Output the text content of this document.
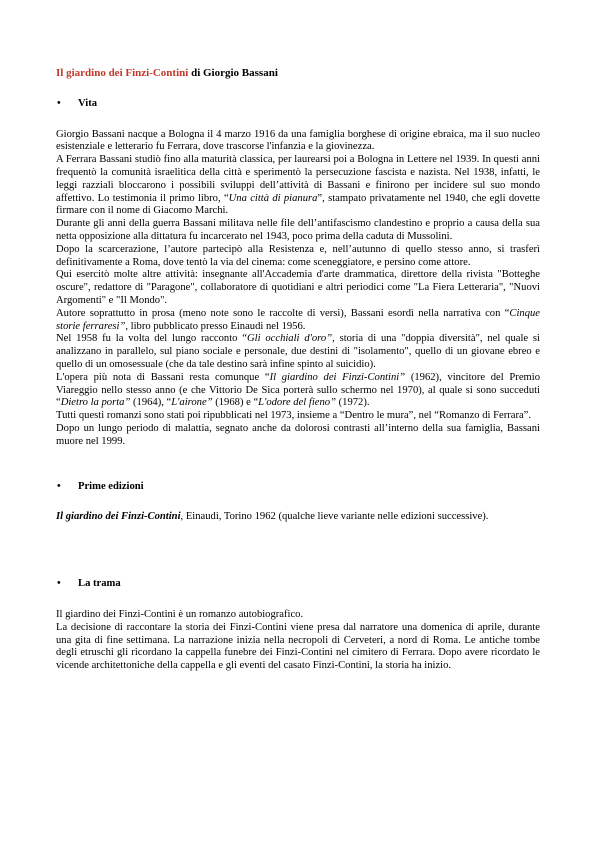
Il giardino dei Finzi-Contini di Giorgio Bassani
• Vita

Giorgio Bassani nacque a Bologna il 4 marzo 1916 da una famiglia borghese di origine ebraica, ma il suo nucleo esistenziale e letterario fu Ferrara, dove trascorse l'infanzia e la giovinezza.

A Ferrara Bassani studiò fino alla maturità classica, per laurearsi poi a Bologna in Lettere nel 1939. In questi anni frequentò la comunità israelitica della città e sperimentò la persecuzione fascista e nazista. Nel 1938, infatti, le leggi razziali bloccarono i possibili sviluppi dell’attività di Bassani e finirono per incidere sul suo mondo affettivo. Lo testimonia il primo libro, “Una città di pianura”, stampato privatamente nel 1940, che egli dovette firmare con il nome di Giacomo Marchi.

Durante gli anni della guerra Bassani militava nelle file dell’antifascismo clandestino e proprio a causa della sua netta opposizione alla dittatura fu incarcerato nel 1943, poco prima della caduta di Mussolini.

Dopo la scarcerazione, l’autore partecipò alla Resistenza e, nell’autunno di quello stesso anno, si trasferì definitivamente a Roma, dove tentò la via del cinema: come sceneggiatore, e persino come attore.

Qui esercitò molte altre attività: insegnante all'Accademia d'arte drammatica, direttore della rivista "Botteghe oscure", redattore di "Paragone", collaboratore di quotidiani e altri periodici come "La Fiera Letteraria", "Nuovi Argomenti" e "Il Mondo".

Autore soprattutto in prosa (meno note sono le raccolte di versi), Bassani esordì nella narrativa con “Cinque storie ferraresi”, libro pubblicato presso Einaudi nel 1956.

Nel 1958 fu la volta del lungo racconto “Gli occhiali d'oro”, storia di una "doppia diversità", nel quale si analizzano in parallelo, sul piano sociale e personale, due destini di "isolamento", quello di un giovane ebreo e quello di un omosessuale (che da tale destino sarà infine spinto al suicidio).

L'opera più nota di Bassani resta comunque “Il giardino dei Finzi-Contini” (1962), vincitore del Premio Viareggio nello stesso anno (e che Vittorio De Sica porterà sullo schermo nel 1970), al quale si sono succeduti “Dietro la porta” (1964), “L'airone” (1968) e “L'odore del fieno” (1972).

Tutti questi romanzi sono stati poi ripubblicati nel 1973, insieme a “Dentro le mura”, nel “Romanzo di Ferrara”.

Dopo un lungo periodo di malattia, segnato anche da dolorosi contrasti all’interno della sua famiglia, Bassani muore nel 1999.

• Prime edizioni

Il giardino dei Finzi-Contini, Einaudi, Torino 1962 (qualche lieve variante nelle edizioni successive).

• La trama

Il giardino dei Finzi-Contini è un romanzo autobiografico.

La decisione di raccontare la storia dei Finzi-Contini viene presa dal narratore una domenica di aprile, durante una gita di fine settimana. La narrazione inizia nella necropoli di Cerveteri, a nord di Roma. Le antiche tombe degli etruschi gli ricordano la cappella funebre dei Finzi-Contini nel cimitero di Ferrara. Dopo avere ricordato le vicende architettoniche della cappella e gli eventi del casato Finzi-Contini, la storia ha inizio.
